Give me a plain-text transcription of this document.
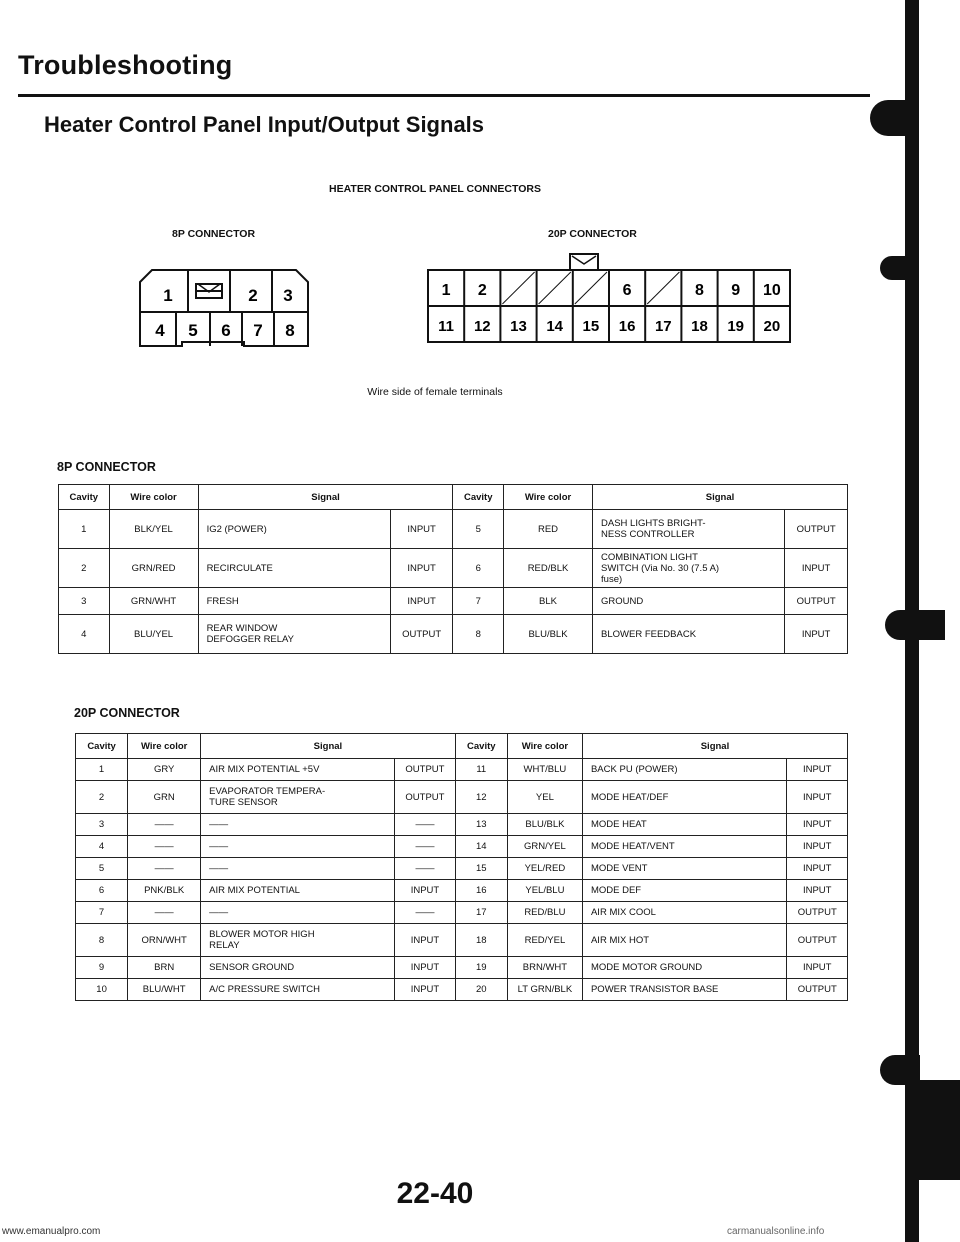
Troubleshooting
Heater Control Panel Input/Output Signals
HEATER CONTROL PANEL CONNECTORS
8P CONNECTOR	20P CONNECTOR
1	2 3
4 5 6 7 8
1 2	6	8 9 10
11 12 13 14 15 16 17 18 19 20
Wire side of female terminals
8P CONNECTOR
Cavity	Wire color	Signal		Cavity	Wire color	Signal	
1	BLK/YEL	IG2 (POWER)	INPUT	5	RED	DASH LIGHTS BRIGHT-
NESS CONTROLLER	OUTPUT
2	GRN/RED	RECIRCULATE	INPUT	6	RED/BLK	COMBINATION LIGHT
SWITCH (Via No. 30 (7.5 A)
fuse)	INPUT
3	GRN/WHT	FRESH	INPUT	7	BLK	GROUND	OUTPUT
4	BLU/YEL	REAR WINDOW
DEFOGGER RELAY	OUTPUT	8	BLU/BLK	BLOWER FEEDBACK	INPUT
20P CONNECTOR
Cavity	Wire color	Signal		Cavity	Wire color	Signal	
1	GRY	AIR MIX POTENTIAL +5V	OUTPUT	11	WHT/BLU	BACK PU (POWER)	INPUT
2	GRN	EVAPORATOR TEMPERA-
TURE SENSOR	OUTPUT	12	YEL	MODE HEAT/DEF	INPUT
3	——	——	——	13	BLU/BLK	MODE HEAT	INPUT
4	——	——	——	14	GRN/YEL	MODE HEAT/VENT	INPUT
5	——	——	——	15	YEL/RED	MODE VENT	INPUT
6	PNK/BLK	AIR MIX POTENTIAL	INPUT	16	YEL/BLU	MODE DEF	INPUT
7	——	——	——	17	RED/BLU	AIR MIX COOL	OUTPUT
8	ORN/WHT	BLOWER MOTOR HIGH
RELAY	INPUT	18	RED/YEL	AIR MIX HOT	OUTPUT
9	BRN	SENSOR GROUND	INPUT	19	BRN/WHT	MODE MOTOR GROUND	INPUT
10	BLU/WHT	A/C PRESSURE SWITCH	INPUT	20	LT GRN/BLK	POWER TRANSISTOR BASE	OUTPUT
22-40
www.emanualpro.com	carmanualsonline.info
